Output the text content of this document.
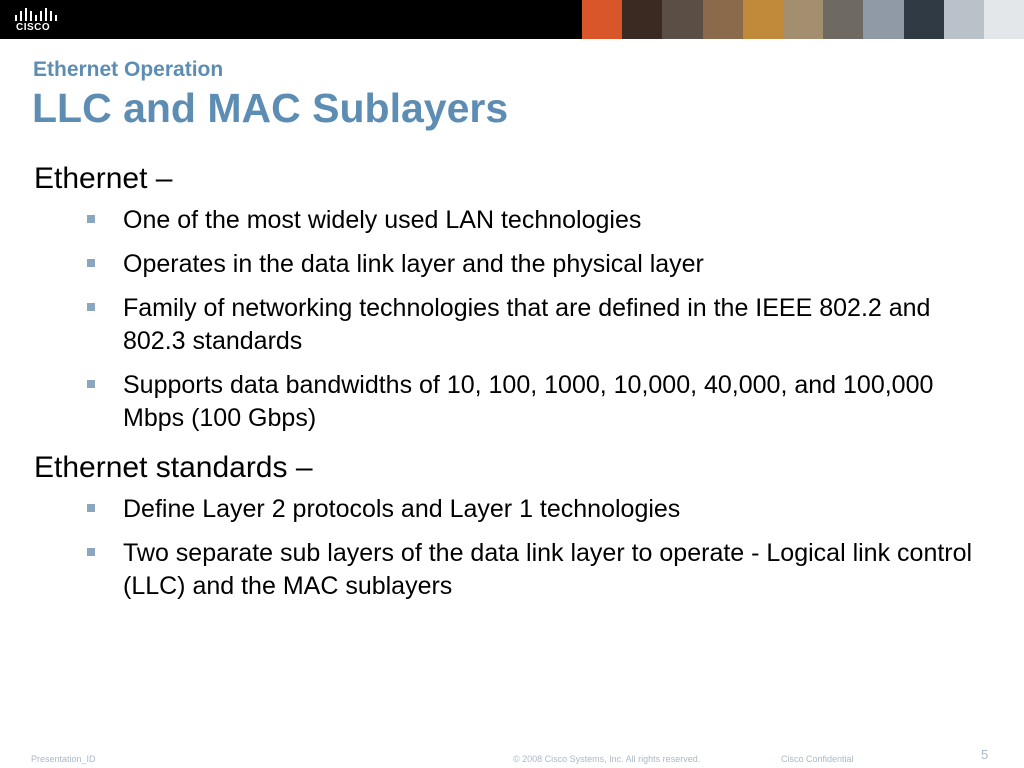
CISCO
Ethernet Operation
LLC and MAC Sublayers
Ethernet –
One of the most widely used LAN technologies
Operates in the data link layer and the physical layer
Family of networking technologies that are defined in the IEEE 802.2 and 802.3 standards
Supports data bandwidths of 10, 100, 1000, 10,000, 40,000, and 100,000 Mbps (100 Gbps)
Ethernet standards –
Define Layer 2 protocols and Layer 1 technologies
Two separate sub layers of the data link layer to operate - Logical link control (LLC) and the MAC sublayers
Presentation_ID	© 2008 Cisco Systems, Inc. All rights reserved.	Cisco Confidential	5
